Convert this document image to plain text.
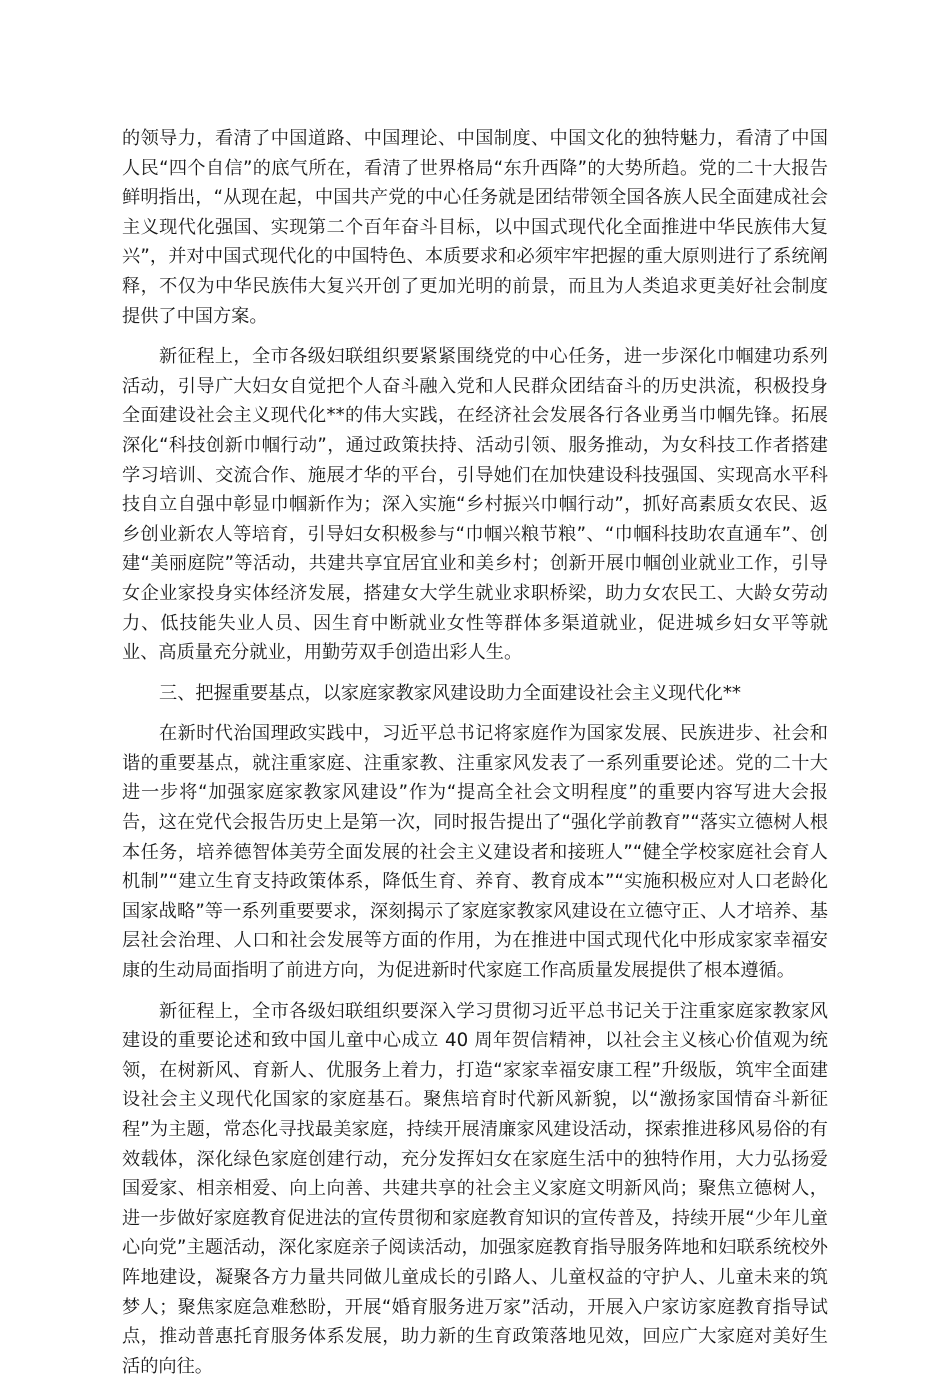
的领导力，看清了中国道路、中国理论、中国制度、中国文化的独特魅力，看清了中国人民“四个自信”的底气所在，看清了世界格局“东升西降”的大势所趋。党的二十大报告鲜明指出，“从现在起，中国共产党的中心任务就是团结带领全国各族人民全面建成社会主义现代化强国、实现第二个百年奋斗目标，以中国式现代化全面推进中华民族伟大复兴”，并对中国式现代化的中国特色、本质要求和必须牢牢把握的重大原则进行了系统阐释，不仅为中华民族伟大复兴开创了更加光明的前景，而且为人类追求更美好社会制度提供了中国方案。

新征程上，全市各级妇联组织要紧紧围绕党的中心任务，进一步深化巾帼建功系列活动，引导广大妇女自觉把个人奋斗融入党和人民群众团结奋斗的历史洪流，积极投身全面建设社会主义现代化**的伟大实践，在经济社会发展各行各业勇当巾帼先锋。拓展深化“科技创新巾帼行动”，通过政策扶持、活动引领、服务推动，为女科技工作者搭建学习培训、交流合作、施展才华的平台，引导她们在加快建设科技强国、实现高水平科技自立自强中彰显巾帼新作为；深入实施“乡村振兴巾帼行动”，抓好高素质女农民、返乡创业新农人等培育，引导妇女积极参与“巾帼兴粮节粮”、“巾帼科技助农直通车”、创建“美丽庭院”等活动，共建共享宜居宜业和美乡村；创新开展巾帼创业就业工作，引导女企业家投身实体经济发展，搭建女大学生就业求职桥梁，助力女农民工、大龄女劳动力、低技能失业人员、因生育中断就业女性等群体多渠道就业，促进城乡妇女平等就业、高质量充分就业，用勤劳双手创造出彩人生。

三、把握重要基点，以家庭家教家风建设助力全面建设社会主义现代化**

在新时代治国理政实践中，习近平总书记将家庭作为国家发展、民族进步、社会和谐的重要基点，就注重家庭、注重家教、注重家风发表了一系列重要论述。党的二十大进一步将“加强家庭家教家风建设”作为“提高全社会文明程度”的重要内容写进大会报告，这在党代会报告历史上是第一次，同时报告提出了“强化学前教育”“落实立德树人根本任务，培养德智体美劳全面发展的社会主义建设者和接班人”“健全学校家庭社会育人机制”“建立生育支持政策体系，降低生育、养育、教育成本”“实施积极应对人口老龄化国家战略”等一系列重要要求，深刻揭示了家庭家教家风建设在立德守正、人才培养、基层社会治理、人口和社会发展等方面的作用，为在推进中国式现代化中形成家家幸福安康的生动局面指明了前进方向，为促进新时代家庭工作高质量发展提供了根本遵循。

新征程上，全市各级妇联组织要深入学习贯彻习近平总书记关于注重家庭家教家风建设的重要论述和致中国儿童中心成立 40 周年贺信精神，以社会主义核心价值观为统领，在树新风、育新人、优服务上着力，打造“家家幸福安康工程”升级版，筑牢全面建设社会主义现代化国家的家庭基石。聚焦培育时代新风新貌，以“激扬家国情奋斗新征程”为主题，常态化寻找最美家庭，持续开展清廉家风建设活动，探索推进移风易俗的有效载体，深化绿色家庭创建行动，充分发挥妇女在家庭生活中的独特作用，大力弘扬爱国爱家、相亲相爱、向上向善、共建共享的社会主义家庭文明新风尚；聚焦立德树人，进一步做好家庭教育促进法的宣传贯彻和家庭教育知识的宣传普及，持续开展“少年儿童心向党”主题活动，深化家庭亲子阅读活动，加强家庭教育指导服务阵地和妇联系统校外阵地建设，凝聚各方力量共同做儿童成长的引路人、儿童权益的守护人、儿童未来的筑梦人；聚焦家庭急难愁盼，开展“婚育服务进万家”活动，开展入户家访家庭教育指导试点，推动普惠托育服务体系发展，助力新的生育政策落地见效，回应广大家庭对美好生活的向往。
